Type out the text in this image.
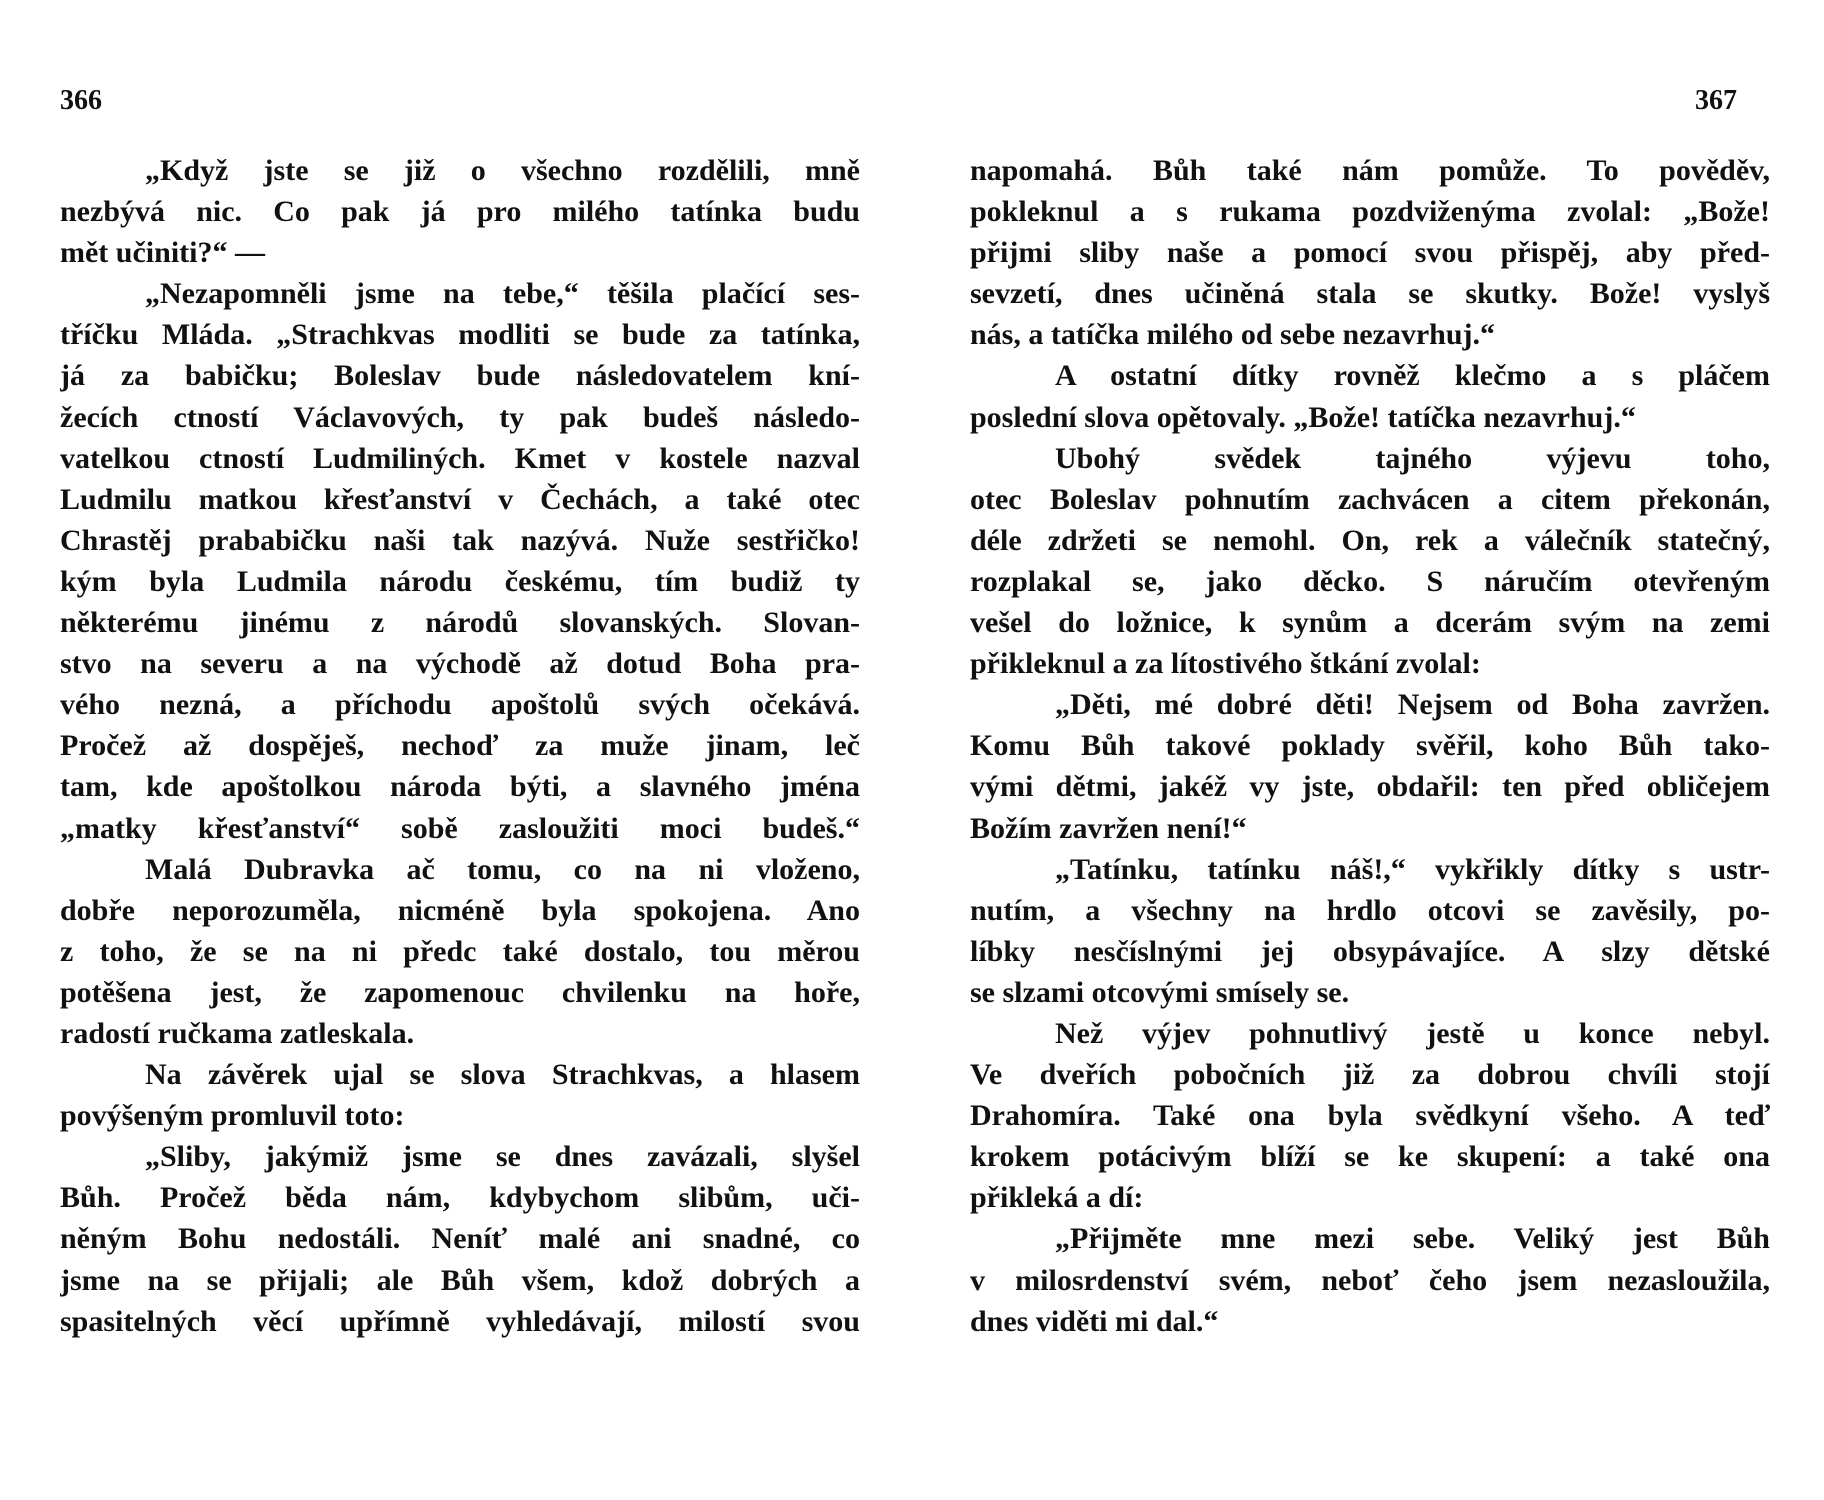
366	367
„Když jste se již o všechno rozdělili, mně
nezbývá nic. Co pak já pro milého tatínka budu
mět učiniti?“ —
„Nezapomněli jsme na tebe,“ těšila plačící ses-
tříčku Mláda. „Strachkvas modliti se bude za tatínka,
já za babičku; Boleslav bude následovatelem kní-
žecích ctností Václavových, ty pak budeš následo-
vatelkou ctností Ludmiliných. Kmet v kostele nazval
Ludmilu matkou křesťanství v Čechách, a také otec
Chrastěj prababičku naši tak nazývá. Nuže sestřičko!
kým byla Ludmila národu českému, tím budiž ty
některému jinému z národů slovanských. Slovan-
stvo na severu a na východě až dotud Boha pra-
vého nezná, a příchodu apoštolů svých očekává.
Pročež až dospěješ, nechoď za muže jinam, leč
tam, kde apoštolkou národa býti, a slavného jména
„matky křesťanství“ sobě zasloužiti moci budeš.“
Malá Dubravka ač tomu, co na ni vloženo,
dobře neporozuměla, nicméně byla spokojena. Ano
z toho, že se na ni předc také dostalo, tou měrou
potěšena jest, že zapomenouc chvilenku na hoře,
radostí ručkama zatleskala.
Na závěrek ujal se slova Strachkvas, a hlasem
povýšeným promluvil toto:
„Sliby, jakýmiž jsme se dnes zavázali, slyšel
Bůh. Pročež běda nám, kdybychom slibům, uči-
něným Bohu nedostáli. Neníť malé ani snadné, co
jsme na se přijali; ale Bůh všem, kdož dobrých a
spasitelných věcí upřímně vyhledávají, milostí svou
napomahá. Bůh také nám pomůže. To pověděv,
pokleknul a s rukama pozdviženýma zvolal: „Bože!
přijmi sliby naše a pomocí svou přispěj, aby před-
sevzetí, dnes učiněná stala se skutky. Bože! vyslyš
nás, a tatíčka milého od sebe nezavrhuj.“
A ostatní dítky rovněž klečmo a s pláčem
poslední slova opětovaly. „Bože! tatíčka nezavrhuj.“
Ubohý svědek tajného výjevu toho,
otec Boleslav pohnutím zachvácen a citem překonán,
déle zdržeti se nemohl. On, rek a válečník statečný,
rozplakal se, jako děcko. S náručím otevřeným
vešel do ložnice, k synům a dcerám svým na zemi
přikleknul a za lítostivého štkání zvolal:
„Děti, mé dobré děti! Nejsem od Boha zavržen.
Komu Bůh takové poklady svěřil, koho Bůh tako-
vými dětmi, jakéž vy jste, obdařil: ten před obličejem
Božím zavržen není!“
„Tatínku, tatínku náš!,“ vykřikly dítky s ustr-
nutím, a všechny na hrdlo otcovi se zavěsily, po-
líbky nesčíslnými jej obsypávajíce. A slzy dětské
se slzami otcovými smísely se.
Než výjev pohnutlivý jestě u konce nebyl.
Ve dveřích pobočních již za dobrou chvíli stojí
Drahomíra. Také ona byla svědkyní všeho. A teď
krokem potácivým blíží se ke skupení: a také ona
přikleká a dí:
„Přijměte mne mezi sebe. Veliký jest Bůh
v milosrdenství svém, neboť čeho jsem nezasloužila,
dnes viděti mi dal.“
